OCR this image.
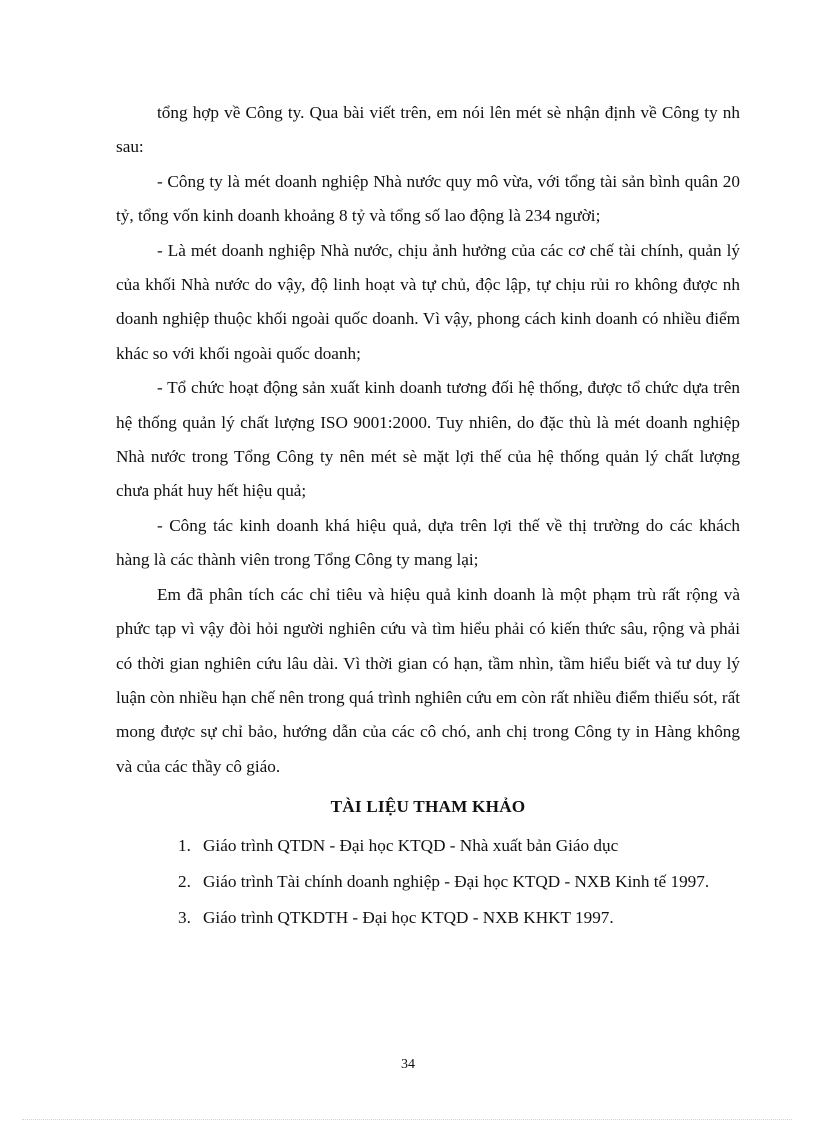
tổng hợp về Công ty. Qua bài viết trên, em nói lên mét sè nhận định về Công ty nh sau:

- Công ty là mét doanh nghiệp Nhà nước quy mô vừa, với tổng tài sản bình quân 20 tỷ, tổng vốn kinh doanh khoảng 8 tỷ và tổng số lao động là 234 người;

- Là mét doanh nghiệp Nhà nước, chịu ảnh hưởng của các cơ chế tài chính, quản lý của khối Nhà nước do vậy, độ linh hoạt và tự chủ, độc lập, tự chịu rủi ro không được nh doanh nghiệp thuộc khối ngoài quốc doanh. Vì vậy, phong cách kinh doanh có nhiều điểm khác so với khối ngoài quốc doanh;

- Tổ chức hoạt động sản xuất kinh doanh tương đối hệ thống, được tổ chức dựa trên hệ thống quản lý chất lượng ISO 9001:2000. Tuy nhiên, do đặc thù là mét doanh nghiệp Nhà nước trong Tổng Công ty nên mét sè mặt lợi thế của hệ thống quản lý chất lượng chưa phát huy hết hiệu quả;

- Công tác kinh doanh khá hiệu quả, dựa trên lợi thế về thị trường do các khách hàng là các thành viên trong Tổng Công ty mang lại;

Em đã phân tích các chỉ tiêu và hiệu quả kinh doanh là một phạm trù rất rộng và phức tạp vì vậy đòi hỏi người nghiên cứu và tìm hiểu phải có kiến thức sâu, rộng và phải có thời gian nghiên cứu lâu dài. Vì thời gian có hạn, tầm nhìn, tầm hiểu biết và tư duy lý luận còn nhiều hạn chế nên trong quá trình nghiên cứu em còn rất nhiều điểm thiếu sót, rất mong được sự chỉ bảo, hướng dẫn của các cô chó, anh chị trong Công ty in Hàng không và của các thầy cô giáo.

TÀI LIỆU THAM KHẢO
1. Giáo trình QTDN - Đại học KTQD - Nhà xuất bản Giáo dục
2. Giáo trình Tài chính doanh nghiệp - Đại học KTQD - NXB Kinh tế 1997.
3. Giáo trình QTKDTH - Đại học KTQD - NXB KHKT 1997.
34
